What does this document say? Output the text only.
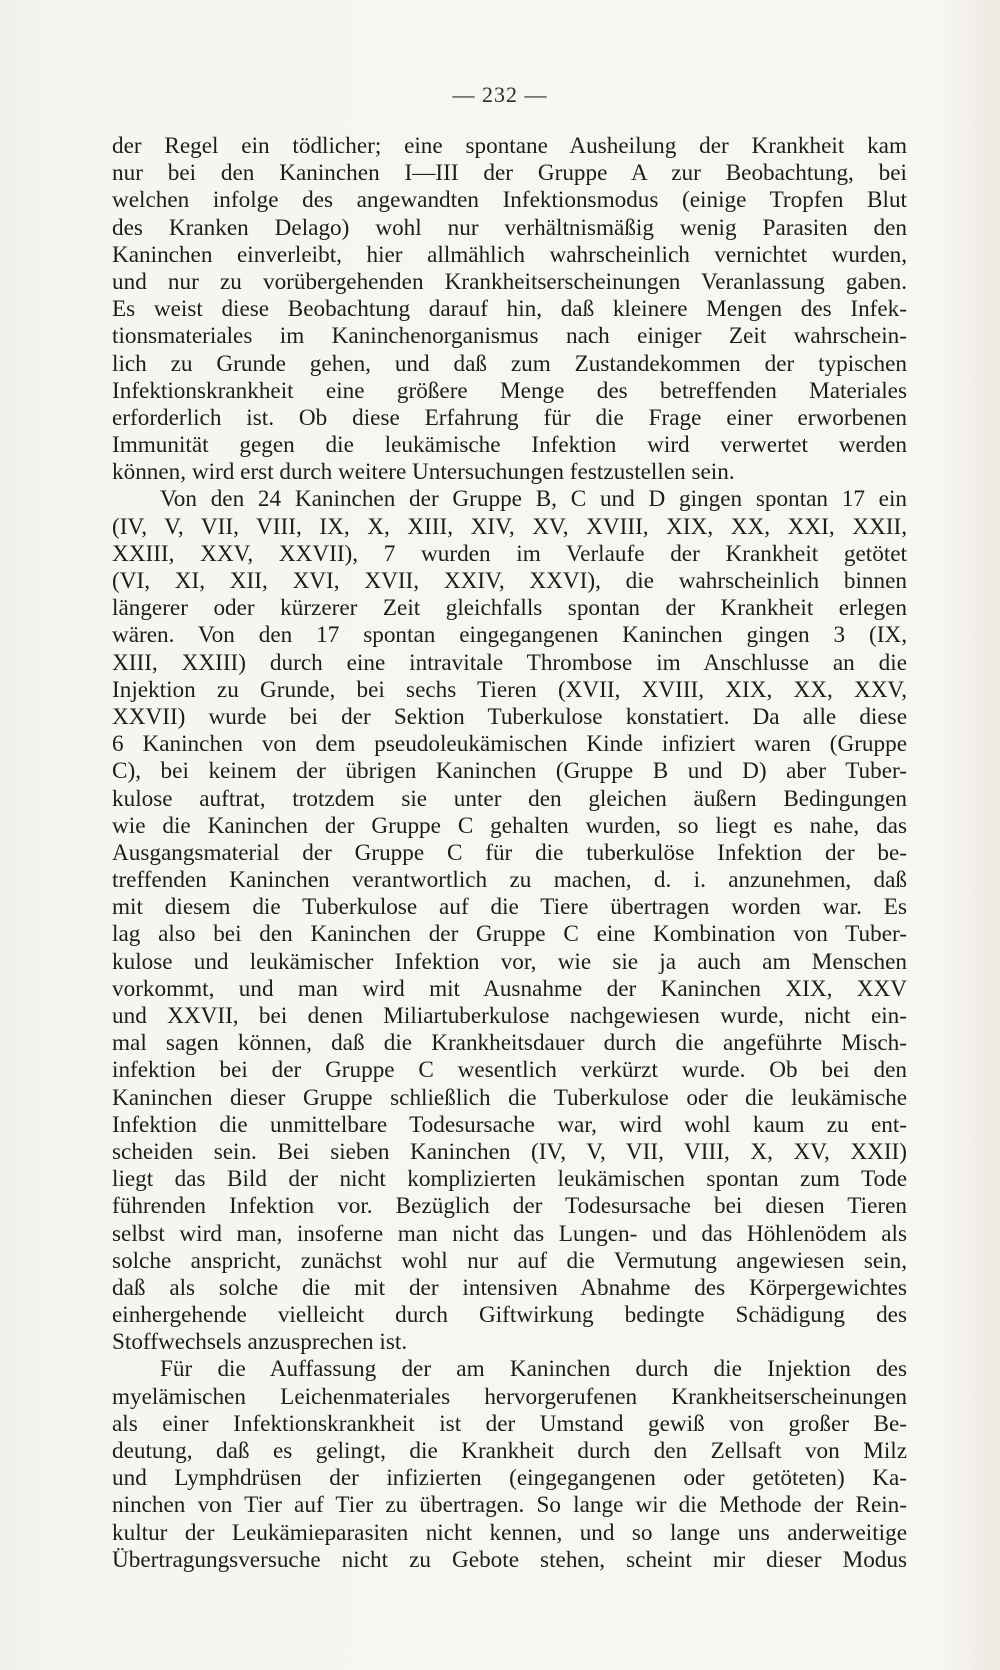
— 232 —
der Regel ein tödlicher; eine spontane Ausheilung der Krankheit kam
nur bei den Kaninchen I—III der Gruppe A zur Beobachtung, bei
welchen infolge des angewandten Infektionsmodus (einige Tropfen Blut
des Kranken Delago) wohl nur verhältnismäßig wenig Parasiten den
Kaninchen einverleibt, hier allmählich wahrscheinlich vernichtet wurden,
und nur zu vorübergehenden Krankheitserscheinungen Veranlassung gaben.
Es weist diese Beobachtung darauf hin, daß kleinere Mengen des Infek-
tionsmateriales im Kaninchenorganismus nach einiger Zeit wahrschein-
lich zu Grunde gehen, und daß zum Zustandekommen der typischen
Infektionskrankheit eine größere Menge des betreffenden Materiales
erforderlich ist. Ob diese Erfahrung für die Frage einer erworbenen
Immunität gegen die leukämische Infektion wird verwertet werden
können, wird erst durch weitere Untersuchungen festzustellen sein.
Von den 24 Kaninchen der Gruppe B, C und D gingen spontan 17 ein
(IV, V, VII, VIII, IX, X, XIII, XIV, XV, XVIII, XIX, XX, XXI, XXII,
XXIII, XXV, XXVII), 7 wurden im Verlaufe der Krankheit getötet
(VI, XI, XII, XVI, XVII, XXIV, XXVI), die wahrscheinlich binnen
längerer oder kürzerer Zeit gleichfalls spontan der Krankheit erlegen
wären. Von den 17 spontan eingegangenen Kaninchen gingen 3 (IX,
XIII, XXIII) durch eine intravitale Thrombose im Anschlusse an die
Injektion zu Grunde, bei sechs Tieren (XVII, XVIII, XIX, XX, XXV,
XXVII) wurde bei der Sektion Tuberkulose konstatiert. Da alle diese
6 Kaninchen von dem pseudoleukämischen Kinde infiziert waren (Gruppe
C), bei keinem der übrigen Kaninchen (Gruppe B und D) aber Tuber-
kulose auftrat, trotzdem sie unter den gleichen äußern Bedingungen
wie die Kaninchen der Gruppe C gehalten wurden, so liegt es nahe, das
Ausgangsmaterial der Gruppe C für die tuberkulöse Infektion der be-
treffenden Kaninchen verantwortlich zu machen, d. i. anzunehmen, daß
mit diesem die Tuberkulose auf die Tiere übertragen worden war. Es
lag also bei den Kaninchen der Gruppe C eine Kombination von Tuber-
kulose und leukämischer Infektion vor, wie sie ja auch am Menschen
vorkommt, und man wird mit Ausnahme der Kaninchen XIX, XXV
und XXVII, bei denen Miliartuberkulose nachgewiesen wurde, nicht ein-
mal sagen können, daß die Krankheitsdauer durch die angeführte Misch-
infektion bei der Gruppe C wesentlich verkürzt wurde. Ob bei den
Kaninchen dieser Gruppe schließlich die Tuberkulose oder die leukämische
Infektion die unmittelbare Todesursache war, wird wohl kaum zu ent-
scheiden sein. Bei sieben Kaninchen (IV, V, VII, VIII, X, XV, XXII)
liegt das Bild der nicht komplizierten leukämischen spontan zum Tode
führenden Infektion vor. Bezüglich der Todesursache bei diesen Tieren
selbst wird man, insoferne man nicht das Lungen- und das Höhlenödem als
solche anspricht, zunächst wohl nur auf die Vermutung angewiesen sein,
daß als solche die mit der intensiven Abnahme des Körpergewichtes
einhergehende vielleicht durch Giftwirkung bedingte Schädigung des
Stoffwechsels anzusprechen ist.
Für die Auffassung der am Kaninchen durch die Injektion des
myelämischen Leichenmateriales hervorgerufenen Krankheitserscheinungen
als einer Infektionskrankheit ist der Umstand gewiß von großer Be-
deutung, daß es gelingt, die Krankheit durch den Zellsaft von Milz
und Lymphdrüsen der infizierten (eingegangenen oder getöteten) Ka-
ninchen von Tier auf Tier zu übertragen. So lange wir die Methode der Rein-
kultur der Leukämieparasiten nicht kennen, und so lange uns anderweitige
Übertragungsversuche nicht zu Gebote stehen, scheint mir dieser Modus
